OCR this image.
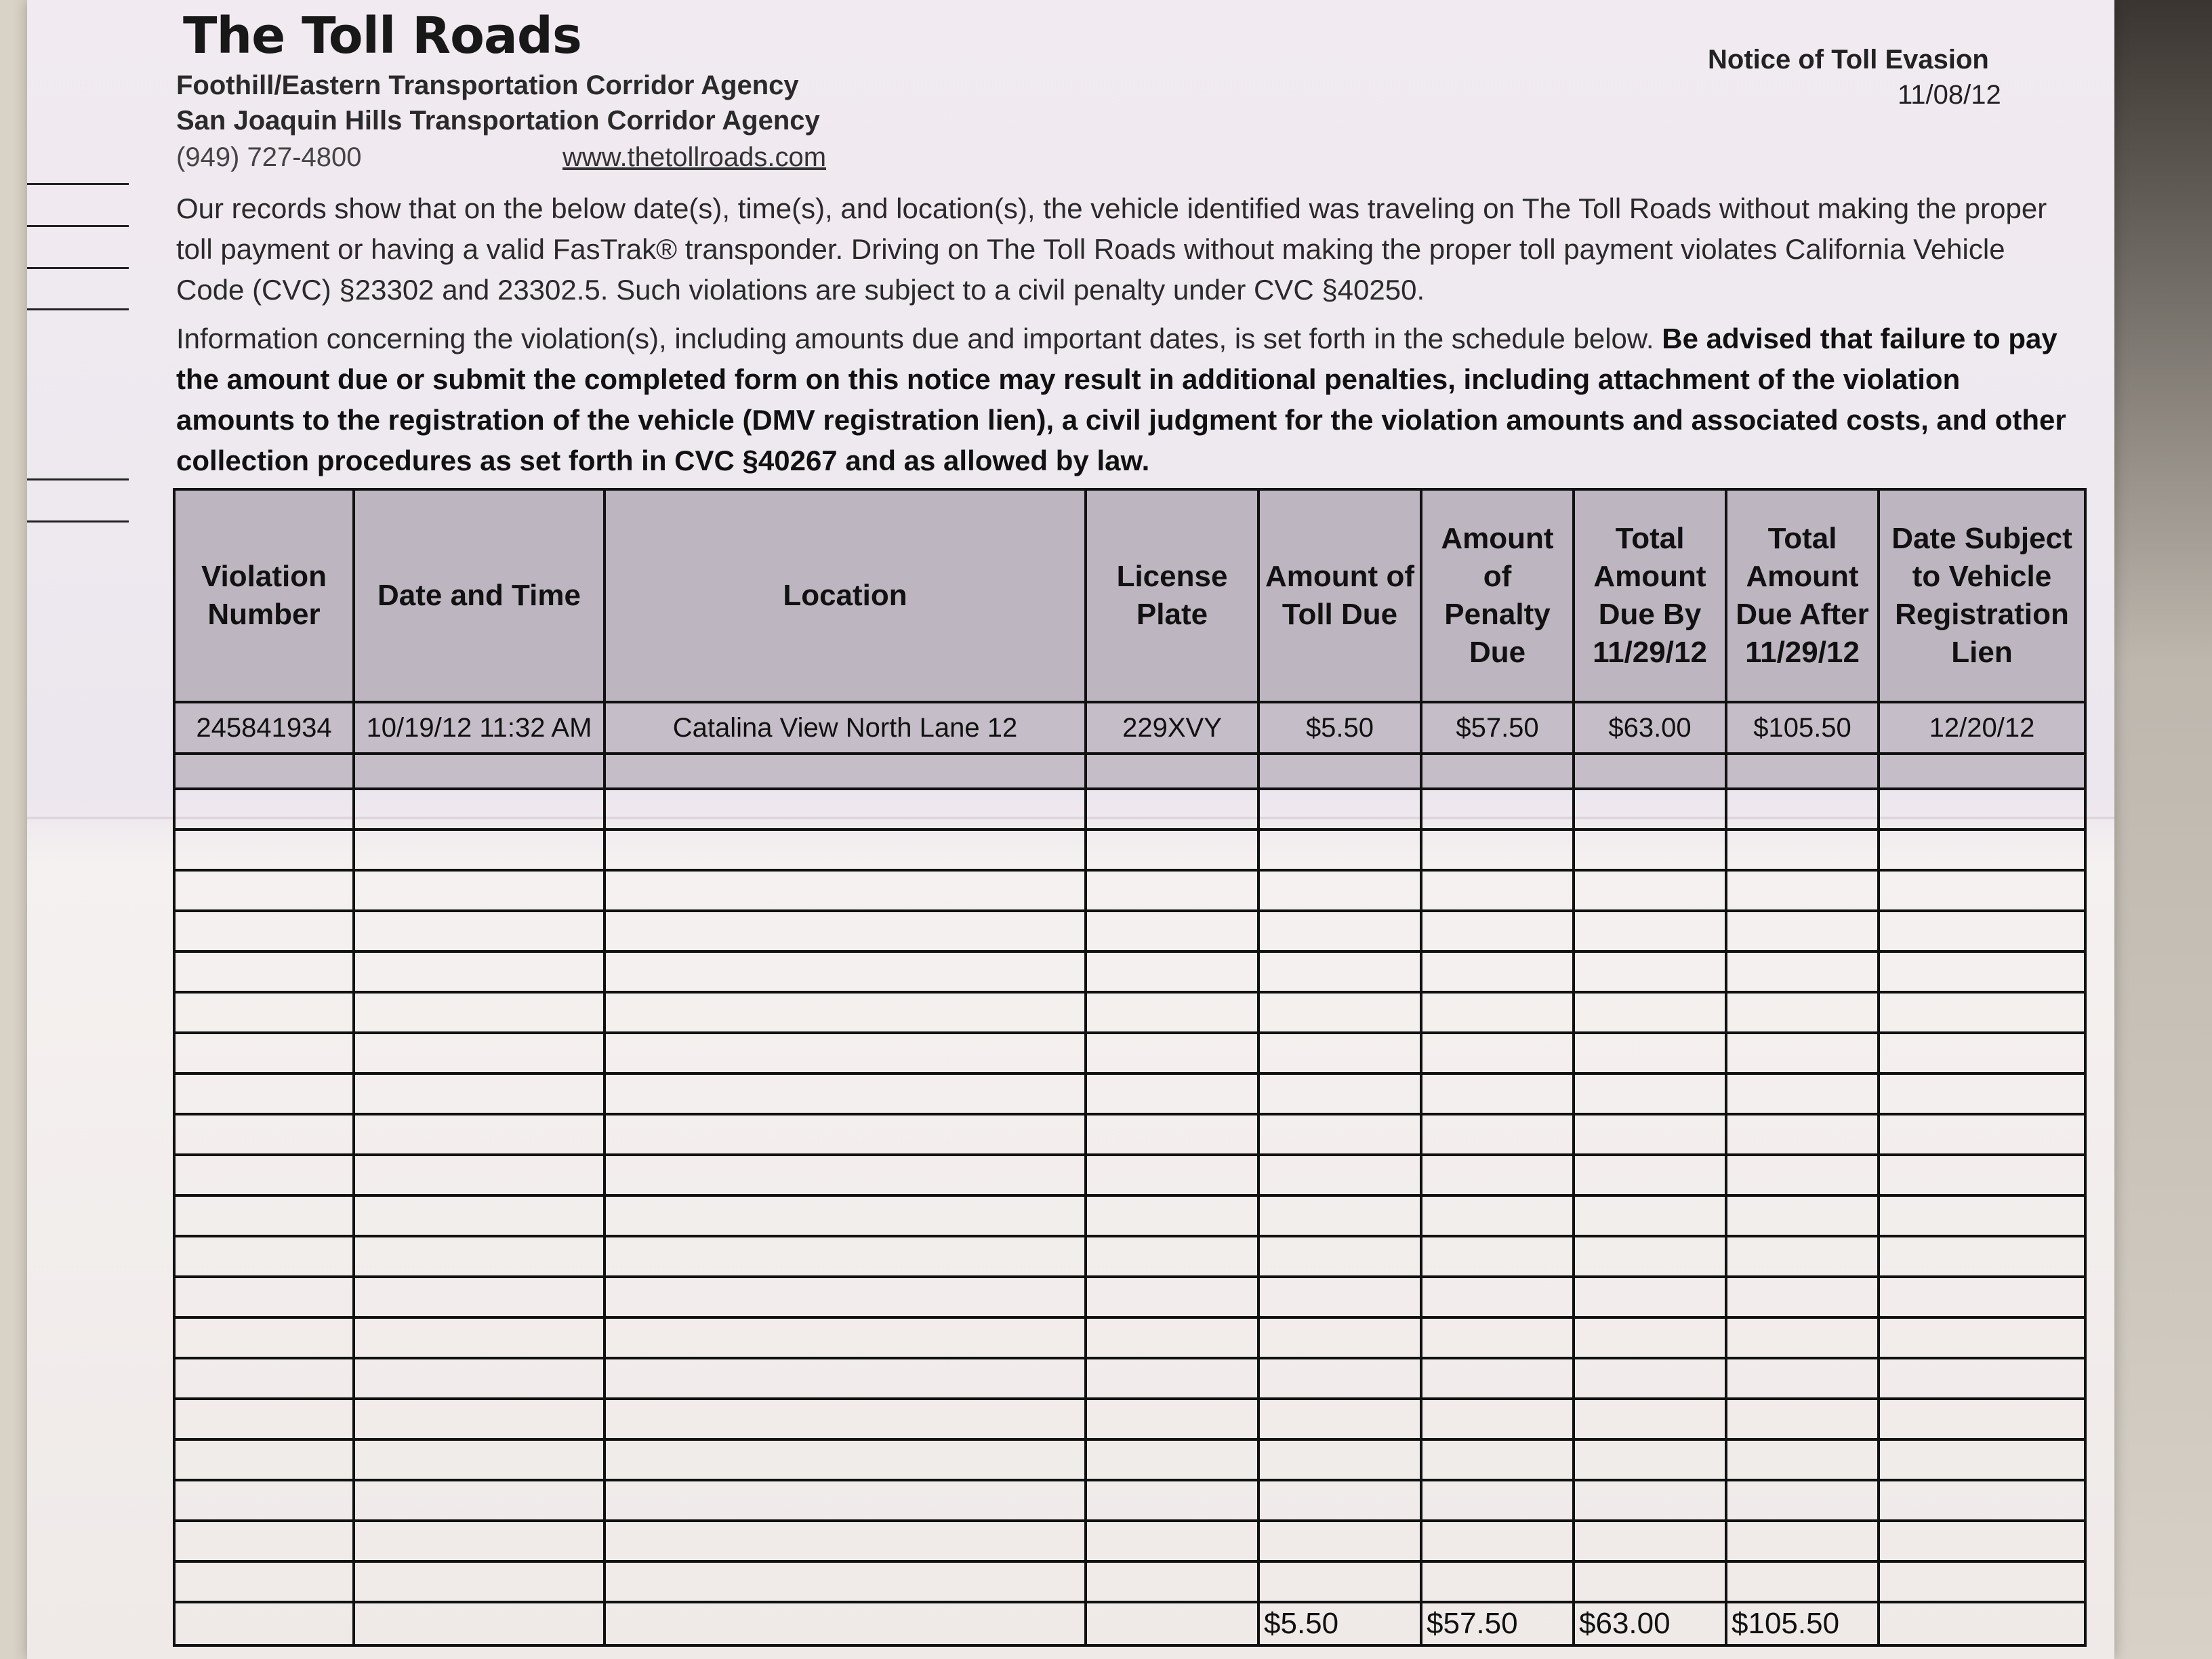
The Toll Roads
Foothill/Eastern Transportation Corridor Agency
San Joaquin Hills Transportation Corridor Agency
(949) 727-4800	www.thetollroads.com
Notice of Toll Evasion
11/08/12

Our records show that on the below date(s), time(s), and location(s), the vehicle identified was traveling on The Toll Roads without making the proper toll payment or having a valid FasTrak® transponder. Driving on The Toll Roads without making the proper toll payment violates California Vehicle Code (CVC) §23302 and 23302.5. Such violations are subject to a civil penalty under CVC §40250.

Information concerning the violation(s), including amounts due and important dates, is set forth in the schedule below. Be advised that failure to pay the amount due or submit the completed form on this notice may result in additional penalties, including attachment of the violation amounts to the registration of the vehicle (DMV registration lien), a civil judgment for the violation amounts and associated costs, and other collection procedures as set forth in CVC §40267 and as allowed by law.

Violation Number	Date and Time	Location	License Plate	Amount of Toll Due	Amount of Penalty Due	Total Amount Due By 11/29/12	Total Amount Due After 11/29/12	Date Subject to Vehicle Registration Lien
245841934	10/19/12 11:32 AM	Catalina View North Lane 12	229XVY	$5.50	$57.50	$63.00	$105.50	12/20/12

				$5.50	$57.50	$63.00	$105.50	
